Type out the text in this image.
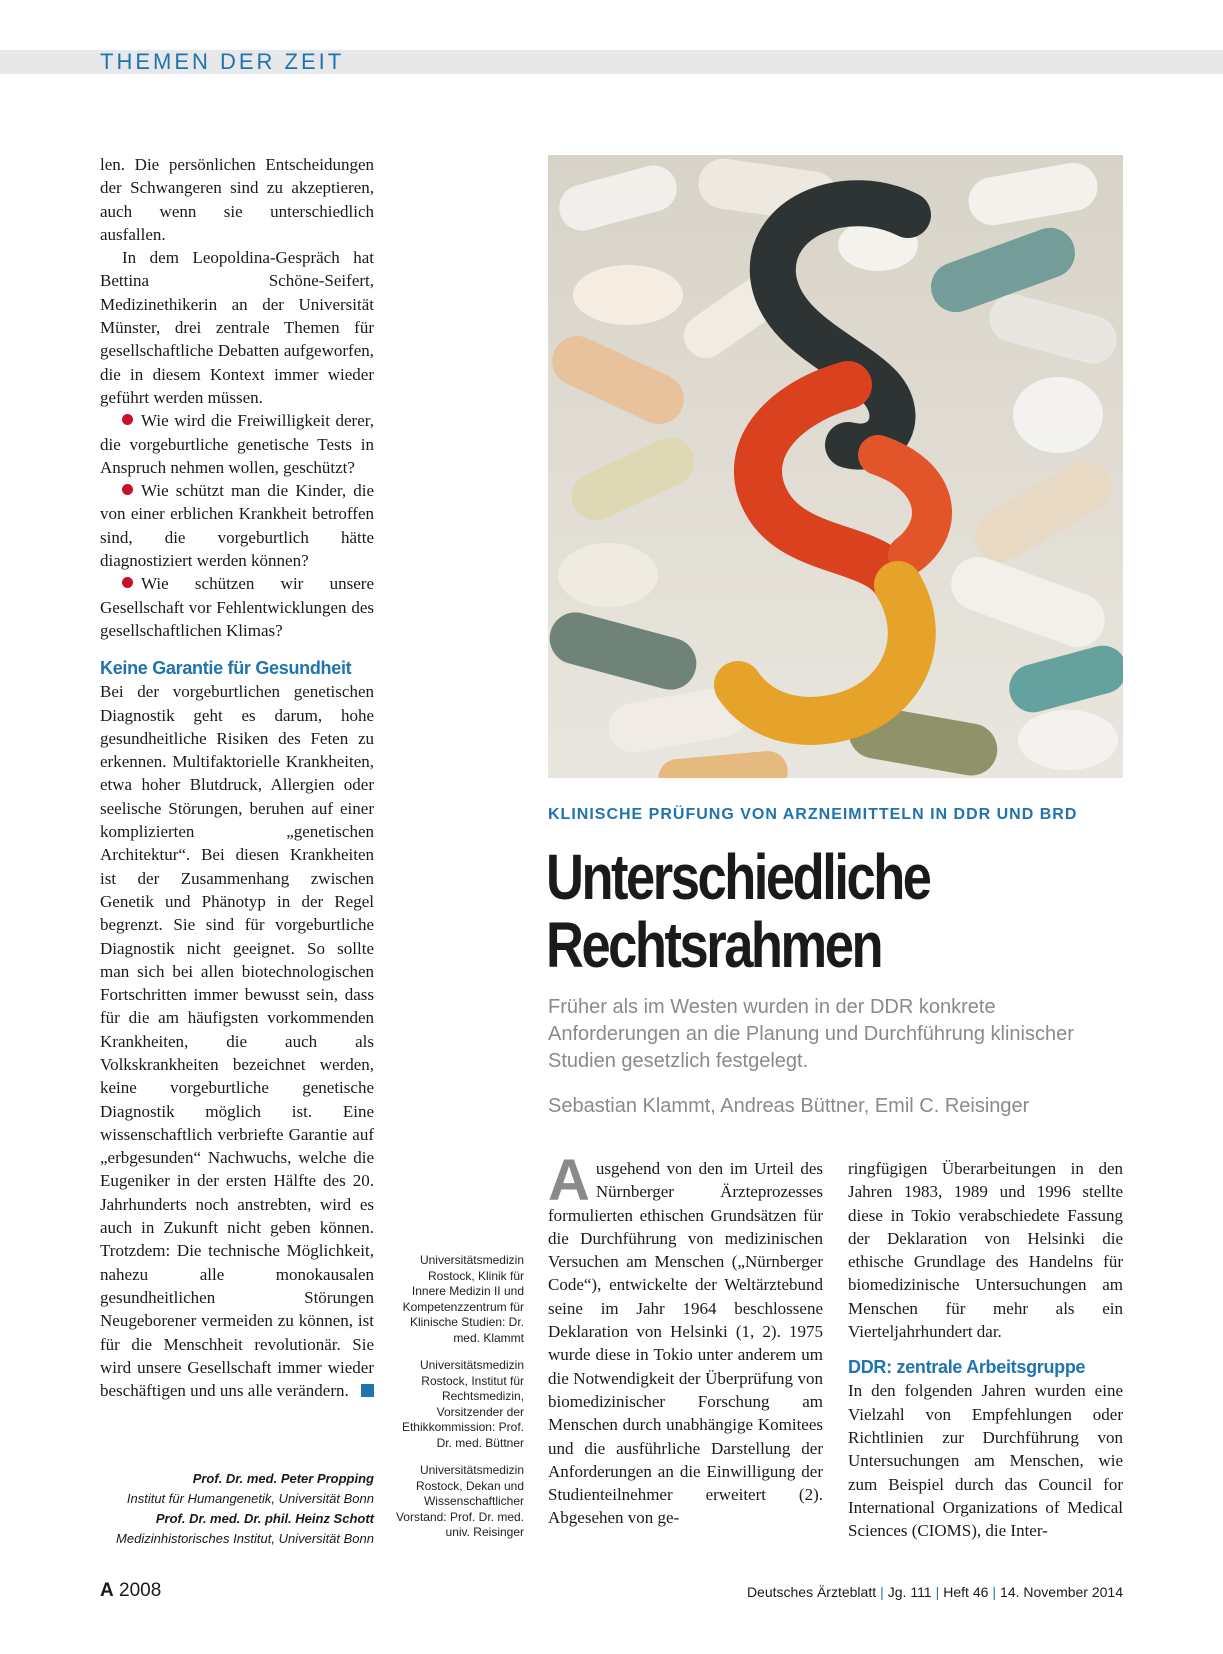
THEMEN DER ZEIT

len. Die persönlichen Entscheidungen der Schwangeren sind zu akzeptieren, auch wenn sie unterschiedlich ausfallen.

In dem Leopoldina-Gespräch hat Bettina Schöne-Seifert, Medizinethikerin an der Universität Münster, drei zentrale Themen für gesellschaftliche Debatten aufgeworfen, die in diesem Kontext immer wieder geführt werden müssen.

Wie wird die Freiwilligkeit derer, die vorgeburtliche genetische Tests in Anspruch nehmen wollen, geschützt?

Wie schützt man die Kinder, die von einer erblichen Krankheit betroffen sind, die vorgeburtlich hätte diagnostiziert werden können?

Wie schützen wir unsere Gesellschaft vor Fehlentwicklungen des gesellschaftlichen Klimas?

Keine Garantie für Gesundheit

Bei der vorgeburtlichen genetischen Diagnostik geht es darum, hohe gesundheitliche Risiken des Feten zu erkennen. Multifaktorielle Krankheiten, etwa hoher Blutdruck, Allergien oder seelische Störungen, beruhen auf einer komplizierten „genetischen Architektur“. Bei diesen Krankheiten ist der Zusammenhang zwischen Genetik und Phänotyp in der Regel begrenzt. Sie sind für vorgeburtliche Diagnostik nicht geeignet. So sollte man sich bei allen biotechnologischen Fortschritten immer bewusst sein, dass für die am häufigsten vorkommenden Krankheiten, die auch als Volkskrankheiten bezeichnet werden, keine vorgeburtliche genetische Diagnostik möglich ist. Eine wissenschaftlich verbriefte Garantie auf „erbgesunden“ Nachwuchs, welche die Eugeniker in der ersten Hälfte des 20. Jahrhunderts noch anstrebten, wird es auch in Zukunft nicht geben können. Trotzdem: Die technische Möglichkeit, nahezu alle monokausalen gesundheitlichen Störungen Neugeborener vermeiden zu können, ist für die Menschheit revolutionär. Sie wird unsere Gesellschaft immer wieder beschäftigen und uns alle verändern.

Prof. Dr. med. Peter Propping

Institut für Humangenetik, Universität Bonn

Prof. Dr. med. Dr. phil. Heinz Schott

Medizinhistorisches Institut, Universität Bonn

Universitätsmedizin Rostock, Klinik für Innere Medizin II und Kompetenzzentrum für Klinische Studien: Dr. med. Klammt

Universitätsmedizin Rostock, Institut für Rechtsmedizin, Vorsitzender der Ethikkommission: Prof. Dr. med. Büttner

Universitätsmedizin Rostock, Dekan und Wissenschaftlicher Vorstand: Prof. Dr. med. univ. Reisinger

KLINISCHE PRÜFUNG VON ARZNEIMITTELN IN DDR UND BRD
Unterschiedliche
Rechtsrahmen
Früher als im Westen wurden in der DDR konkrete Anforderungen an die Planung und Durchführung klinischer Studien gesetzlich festgelegt.
Sebastian Klammt, Andreas Büttner, Emil C. Reisinger

Ausgehend von den im Urteil des Nürnberger Ärzteprozesses formulierten ethischen Grundsätzen für die Durchführung von medizinischen Versuchen am Menschen („Nürnberger Code“), entwickelte der Weltärztebund seine im Jahr 1964 beschlossene Deklaration von Helsinki (1, 2). 1975 wurde diese in Tokio unter anderem um die Notwendigkeit der Überprüfung von biomedizinischer Forschung am Menschen durch unabhängige Komitees und die ausführliche Darstellung der Anforderungen an die Einwilligung der Studienteilnehmer erweitert (2). Abgesehen von ge-

ringfügigen Überarbeitungen in den Jahren 1983, 1989 und 1996 stellte diese in Tokio verabschiedete Fassung der Deklaration von Helsinki die ethische Grundlage des Handelns für biomedizinische Untersuchungen am Menschen für mehr als ein Vierteljahrhundert dar.

DDR: zentrale Arbeitsgruppe

In den folgenden Jahren wurden eine Vielzahl von Empfehlungen oder Richtlinien zur Durchführung von Untersuchungen am Menschen, wie zum Beispiel durch das Council for International Organizations of Medical Sciences (CIOMS), die Inter-

A 2008	Deutsches Ärzteblatt | Jg. 111 | Heft 46 | 14. November 2014
